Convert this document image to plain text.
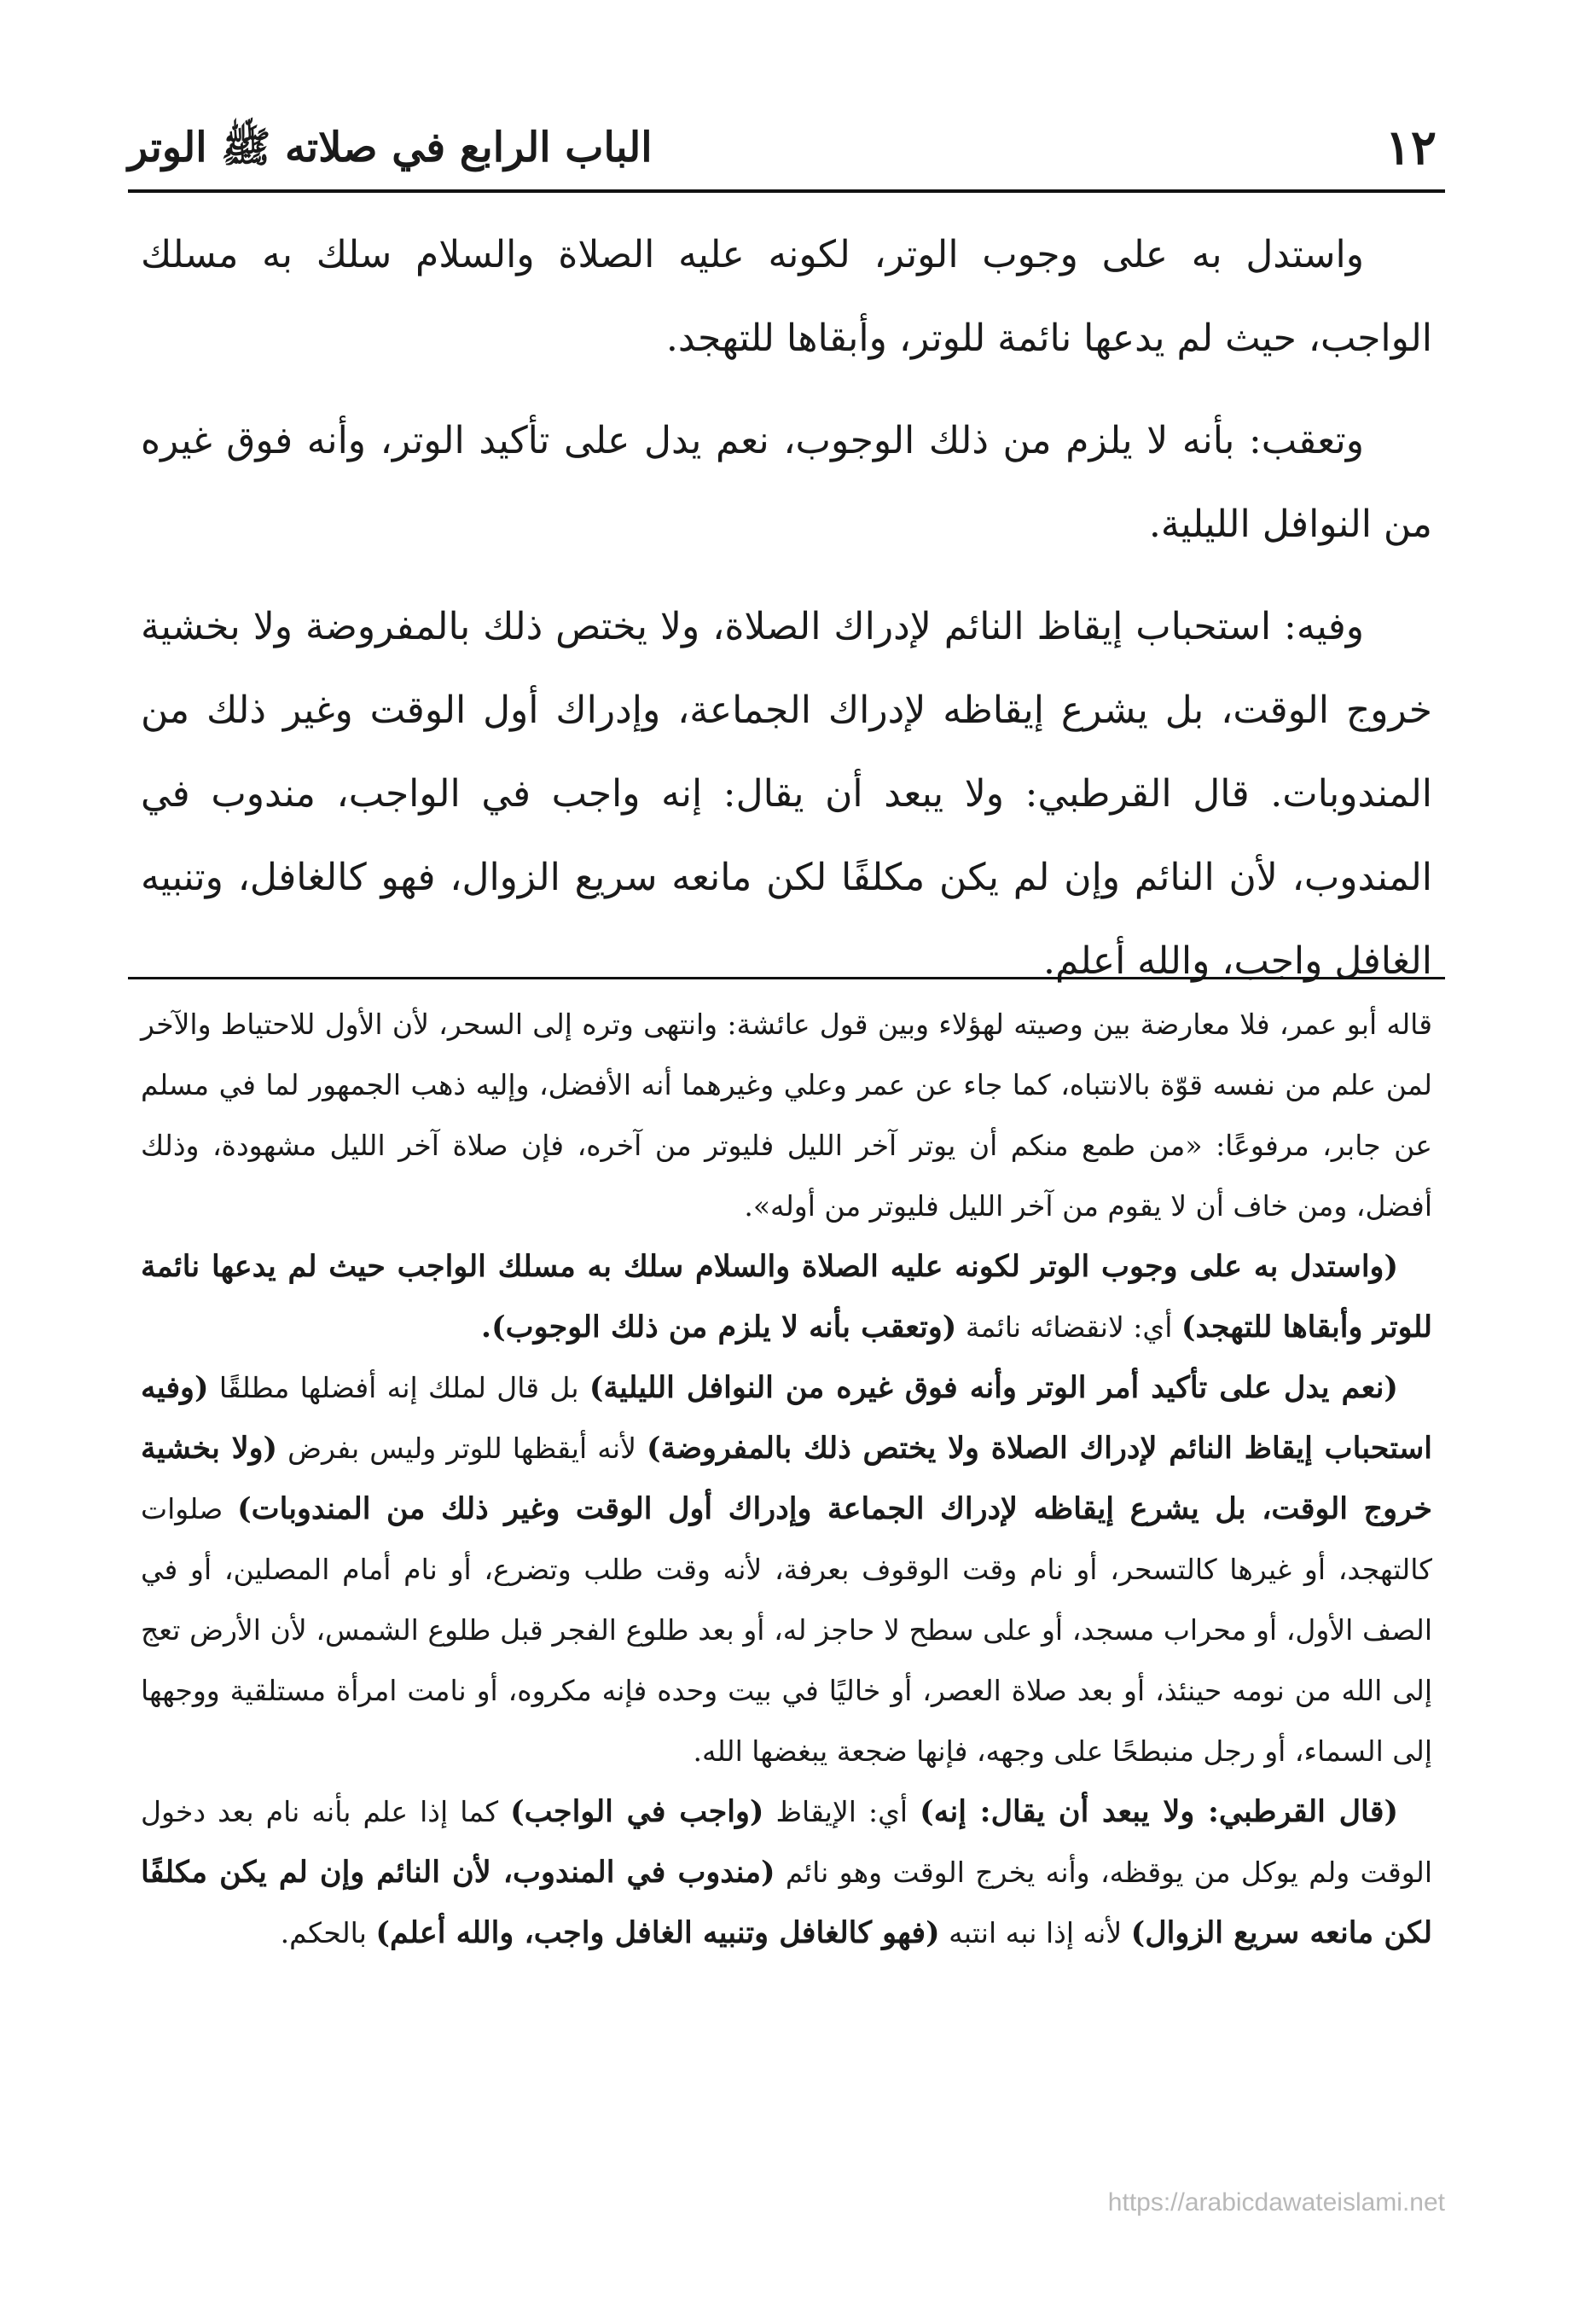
١٢
الباب الرابع في صلاته ﷺ الوتر

واستدل به على وجوب الوتر، لكونه عليه الصلاة والسلام سلك به مسلك الواجب، حيث لم يدعها نائمة للوتر، وأبقاها للتهجد.

وتعقب: بأنه لا يلزم من ذلك الوجوب، نعم يدل على تأكيد الوتر، وأنه فوق غيره من النوافل الليلية.

وفيه: استحباب إيقاظ النائم لإدراك الصلاة، ولا يختص ذلك بالمفروضة ولا بخشية خروج الوقت، بل يشرع إيقاظه لإدراك الجماعة، وإدراك أول الوقت وغير ذلك من المندوبات. قال القرطبي: ولا يبعد أن يقال: إنه واجب في الواجب، مندوب في المندوب، لأن النائم وإن لم يكن مكلفًا لكن مانعه سريع الزوال، فهو كالغافل، وتنبيه الغافل واجب، والله أعلم.

قاله أبو عمر، فلا معارضة بين وصيته لهؤلاء وبين قول عائشة: وانتهى وتره إلى السحر، لأن الأول للاحتياط والآخر لمن علم من نفسه قوّة بالانتباه، كما جاء عن عمر وعلي وغيرهما أنه الأفضل، وإليه ذهب الجمهور لما في مسلم عن جابر، مرفوعًا: «من طمع منكم أن يوتر آخر الليل فليوتر من آخره، فإن صلاة آخر الليل مشهودة، وذلك أفضل، ومن خاف أن لا يقوم من آخر الليل فليوتر من أوله».

(واستدل به على وجوب الوتر لكونه عليه الصلاة والسلام سلك به مسلك الواجب حيث لم يدعها نائمة للوتر وأبقاها للتهجد) أي: لانقضائه نائمة (وتعقب بأنه لا يلزم من ذلك الوجوب).

(نعم يدل على تأكيد أمر الوتر وأنه فوق غيره من النوافل الليلية) بل قال لملك إنه أفضلها مطلقًا (وفيه استحباب إيقاظ النائم لإدراك الصلاة ولا يختص ذلك بالمفروضة) لأنه أيقظها للوتر وليس بفرض (ولا بخشية خروج الوقت، بل يشرع إيقاظه لإدراك الجماعة وإدراك أول الوقت وغير ذلك من المندوبات) صلوات كالتهجد، أو غيرها كالتسحر، أو نام وقت الوقوف بعرفة، لأنه وقت طلب وتضرع، أو نام أمام المصلين، أو في الصف الأول، أو محراب مسجد، أو على سطح لا حاجز له، أو بعد طلوع الفجر قبل طلوع الشمس، لأن الأرض تعج إلى الله من نومه حينئذ، أو بعد صلاة العصر، أو خاليًا في بيت وحده فإنه مكروه، أو نامت امرأة مستلقية ووجهها إلى السماء، أو رجل منبطحًا على وجهه، فإنها ضجعة يبغضها الله.

(قال القرطبي: ولا يبعد أن يقال: إنه) أي: الإيقاظ (واجب في الواجب) كما إذا علم بأنه نام بعد دخول الوقت ولم يوكل من يوقظه، وأنه يخرج الوقت وهو نائم (مندوب في المندوب، لأن النائم وإن لم يكن مكلفًا لكن مانعه سريع الزوال) لأنه إذا نبه انتبه (فهو كالغافل وتنبيه الغافل واجب، والله أعلم) بالحكم.

https://arabicdawateislami.net
